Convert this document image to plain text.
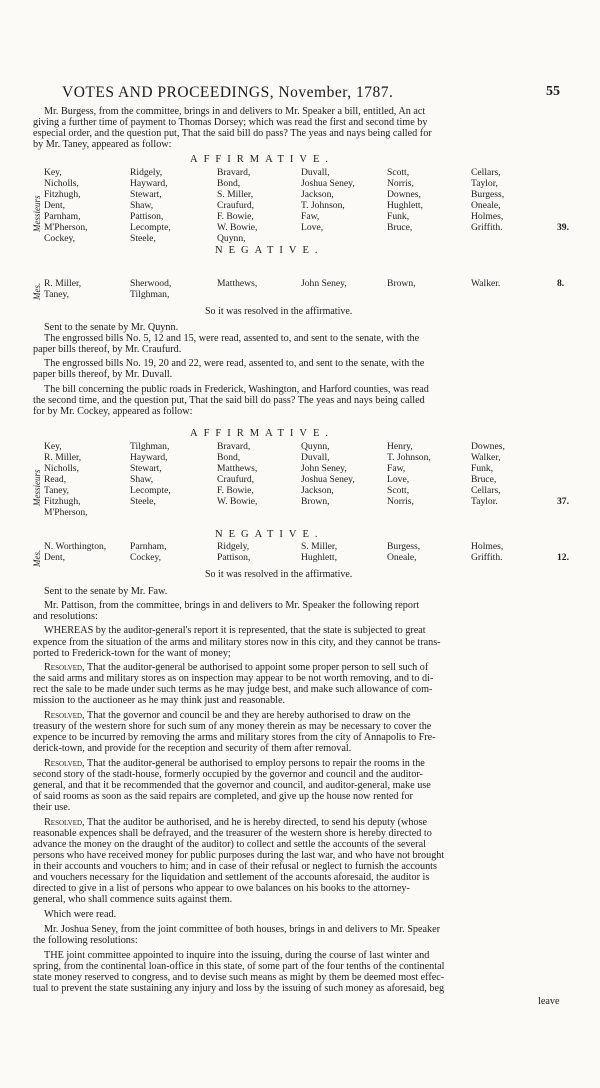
VOTES AND PROCEEDINGS, November, 1787.	55
Mr. Burgess, from the committee, brings in and delivers to Mr. Speaker a bill, entitled, An act
giving a further time of payment to Thomas Dorsey; which was read the first and second time by
especial order, and the question put, That the said bill do pass? The yeas and nays being called for
by Mr. Taney, appeared as follow:
AFFIRMATIVE.
Messieurs
Key,	Ridgely,	Bravard,	Duvall,	Scott,	Cellars,
Nicholls,	Hayward,	Bond,	Joshua Seney,	Norris,	Taylor,
Fitzhugh,	Stewart,	S. Miller,	Jackson,	Downes,	Burgess,
Dent,	Shaw,	Craufurd,	T. Johnson,	Hughlett,	Oneale,
Parnham,	Pattison,	F. Bowie,	Faw,	Funk,	Holmes,
M'Pherson,	Lecompte,	W. Bowie,	Love,	Bruce,	Griffith.	39.
Cockey,	Steele,	Quynn,
NEGATIVE.
Mes. R. Miller,	Sherwood,	Matthews,	John Seney,	Brown,	Walker.	8.
Taney,	Tilghman,
So it was resolved in the affirmative.
Sent to the senate by Mr. Quynn.
The engrossed bills No. 5, 12 and 15, were read, assented to, and sent to the senate, with the
paper bills thereof, by Mr. Craufurd.
The engrossed bills No. 19, 20 and 22, were read, assented to, and sent to the senate, with the
paper bills thereof, by Mr. Duvall.
The bill concerning the public roads in Frederick, Washington, and Harford counties, was read
the second time, and the question put, That the said bill do pass? The yeas and nays being called
for by Mr. Cockey, appeared as follow:
AFFIRMATIVE.
Messieurs
Key,	Tilghman,	Bravard,	Quynn,	Henry,	Downes,
R. Miller,	Hayward,	Bond,	Duvall,	T. Johnson,	Walker,
Nicholls,	Stewart,	Matthews,	John Seney,	Faw,	Funk,
Read,	Shaw,	Craufurd,	Joshua Seney,	Love,	Bruce,
Taney,	Lecompte,	F. Bowie,	Jackson,	Scott,	Cellars,
Fitzhugh,	Steele,	W. Bowie,	Brown,	Norris,	Taylor.	37.
M'Pherson,
NEGATIVE.
Mes.
N. Worthington, Parnham,	Ridgely,	S. Miller,	Burgess,	Holmes,
Dent,	Cockey,	Pattison,	Hughlett,	Oneale,	Griffith.	12.
So it was resolved in the affirmative.
Sent to the senate by Mr. Faw.
Mr. Pattison, from the committee, brings in and delivers to Mr. Speaker the following report
and resolutions:
WHEREAS by the auditor-general's report it is represented, that the state is subjected to great
expence from the situation of the arms and military stores now in this city, and they cannot be trans-
ported to Frederick-town for the want of money;
Resolved, That the auditor-general be authorised to appoint some proper person to sell such of
the said arms and military stores as on inspection may appear to be not worth removing, and to di-
rect the sale to be made under such terms as he may judge best, and make such allowance of com-
mission to the auctioneer as he may think just and reasonable.
Resolved, That the governor and council be and they are hereby authorised to draw on the
treasury of the western shore for such sum of any money therein as may be necessary to cover the
expence to be incurred by removing the arms and military stores from the city of Annapolis to Fre-
derick-town, and provide for the reception and security of them after removal.
Resolved, That the auditor-general be authorised to employ persons to repair the rooms in the
second story of the stadt-house, formerly occupied by the governor and council and the auditor-
general, and that it be recommended that the governor and council, and auditor-general, make use
of said rooms as soon as the said repairs are completed, and give up the house now rented for
their use.
Resolved, That the auditor be authorised, and he is hereby directed, to send his deputy (whose
reasonable expences shall be defrayed, and the treasurer of the western shore is hereby directed to
advance the money on the draught of the auditor) to collect and settle the accounts of the several
persons who have received money for public purposes during the last war, and who have not brought
in their accounts and vouchers to him; and in case of their refusal or neglect to furnish the accounts
and vouchers necessary for the liquidation and settlement of the accounts aforesaid, the auditor is
directed to give in a list of persons who appear to owe balances on his books to the attorney-
general, who shall commence suits against them.
Which were read.
Mr. Joshua Seney, from the joint committee of both houses, brings in and delivers to Mr. Speaker
the following resolutions:
THE joint committee appointed to inquire into the issuing, during the course of last winter and
spring, from the continental loan-office in this state, of some part of the four tenths of the continental
state money reserved to congress, and to devise such means as might by them be deemed most effec-
tual to prevent the state sustaining any injury and loss by the issuing of such money as aforesaid, beg
leave
